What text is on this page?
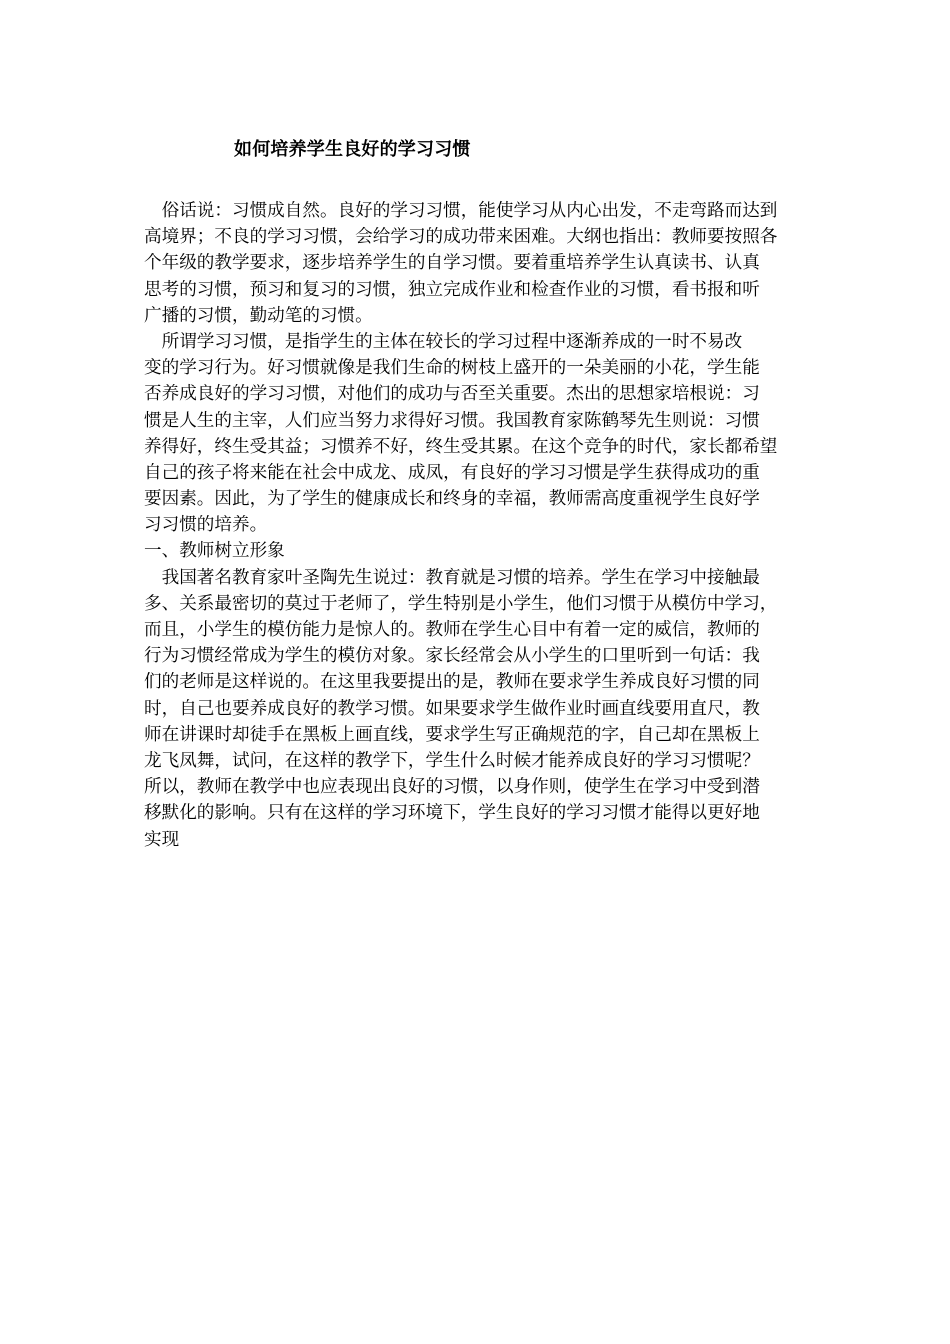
如何培养学生良好的学习习惯
　俗话说：习惯成自然。良好的学习习惯，能使学习从内心出发，不走弯路而达到
高境界；不良的学习习惯，会给学习的成功带来困难。大纲也指出：教师要按照各
个年级的教学要求，逐步培养学生的自学习惯。要着重培养学生认真读书、认真
思考的习惯，预习和复习的习惯，独立完成作业和检查作业的习惯，看书报和听
广播的习惯，勤动笔的习惯。
　所谓学习习惯，是指学生的主体在较长的学习过程中逐渐养成的一时不易改
变的学习行为。好习惯就像是我们生命的树枝上盛开的一朵美丽的小花，学生能
否养成良好的学习习惯，对他们的成功与否至关重要。杰出的思想家培根说：习
惯是人生的主宰，人们应当努力求得好习惯。我国教育家陈鹤琴先生则说：习惯
养得好，终生受其益；习惯养不好，终生受其累。在这个竞争的时代，家长都希望
自己的孩子将来能在社会中成龙、成凤，有良好的学习习惯是学生获得成功的重
要因素。因此，为了学生的健康成长和终身的幸福，教师需高度重视学生良好学
习习惯的培养。
一、教师树立形象
　我国著名教育家叶圣陶先生说过：教育就是习惯的培养。学生在学习中接触最
多、关系最密切的莫过于老师了，学生特别是小学生，他们习惯于从模仿中学习，
而且，小学生的模仿能力是惊人的。教师在学生心目中有着一定的威信，教师的
行为习惯经常成为学生的模仿对象。家长经常会从小学生的口里听到一句话：我
们的老师是这样说的。在这里我要提出的是，教师在要求学生养成良好习惯的同
时，自己也要养成良好的教学习惯。如果要求学生做作业时画直线要用直尺，教
师在讲课时却徒手在黑板上画直线，要求学生写正确规范的字，自己却在黑板上
龙飞凤舞，试问，在这样的教学下，学生什么时候才能养成良好的学习习惯呢？
所以，教师在教学中也应表现出良好的习惯，以身作则，使学生在学习中受到潜
移默化的影响。只有在这样的学习环境下，学生良好的学习习惯才能得以更好地
实现
